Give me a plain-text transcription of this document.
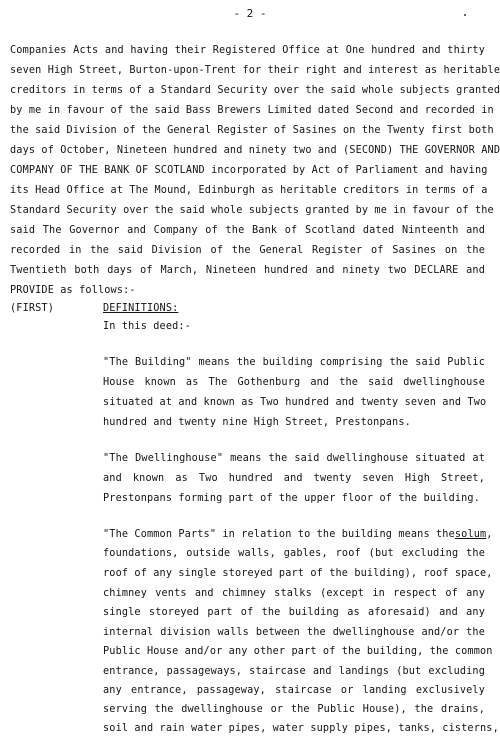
- 2 -
Companies Acts and having their Registered Office at One hundred and thirty
seven High Street, Burton-upon-Trent for their right and interest as heritable
creditors in terms of a Standard Security over the said whole subjects granted
by me in favour of the said Bass Brewers Limited dated Second and recorded in
the said Division of the General Register of Sasines on the Twenty first both
days of October, Nineteen hundred and ninety two and (SECOND) THE GOVERNOR AND
COMPANY OF THE BANK OF SCOTLAND incorporated by Act of Parliament and having
its Head Office at The Mound, Edinburgh as heritable creditors in terms of a
Standard Security over the said whole subjects granted by me in favour of the
said The Governor and Company of the Bank of Scotland dated Ninteenth and
recorded in the said Division of the General Register of Sasines on the
Twentieth both days of March, Nineteen hundred and ninety two DECLARE and
PROVIDE as follows:-
(FIRST)	DEFINITIONS:
In this deed:-
"The Building" means the building comprising the said Public
House known as The Gothenburg and the said dwellinghouse
situated at and known as Two hundred and twenty seven and Two
hundred and twenty nine High Street, Prestonpans.
"The Dwellinghouse" means the said dwellinghouse situated at
and known as Two hundred and twenty seven High Street,
Prestonpans forming part of the upper floor of the building.
"The Common Parts" in relation to the building means the solum,
foundations, outside walls, gables, roof (but excluding the
roof of any single storeyed part of the building), roof space,
chimney vents and chimney stalks (except in respect of any
single storeyed part of the building as aforesaid) and any
internal division walls between the dwellinghouse and/or the
Public House and/or any other part of the building, the common
entrance, passageways, staircase and landings (but excluding
any entrance, passageway, staircase or landing exclusively
serving the dwellinghouse or the Public House), the drains,
soil and rain water pipes, water supply pipes, tanks, cisterns,
